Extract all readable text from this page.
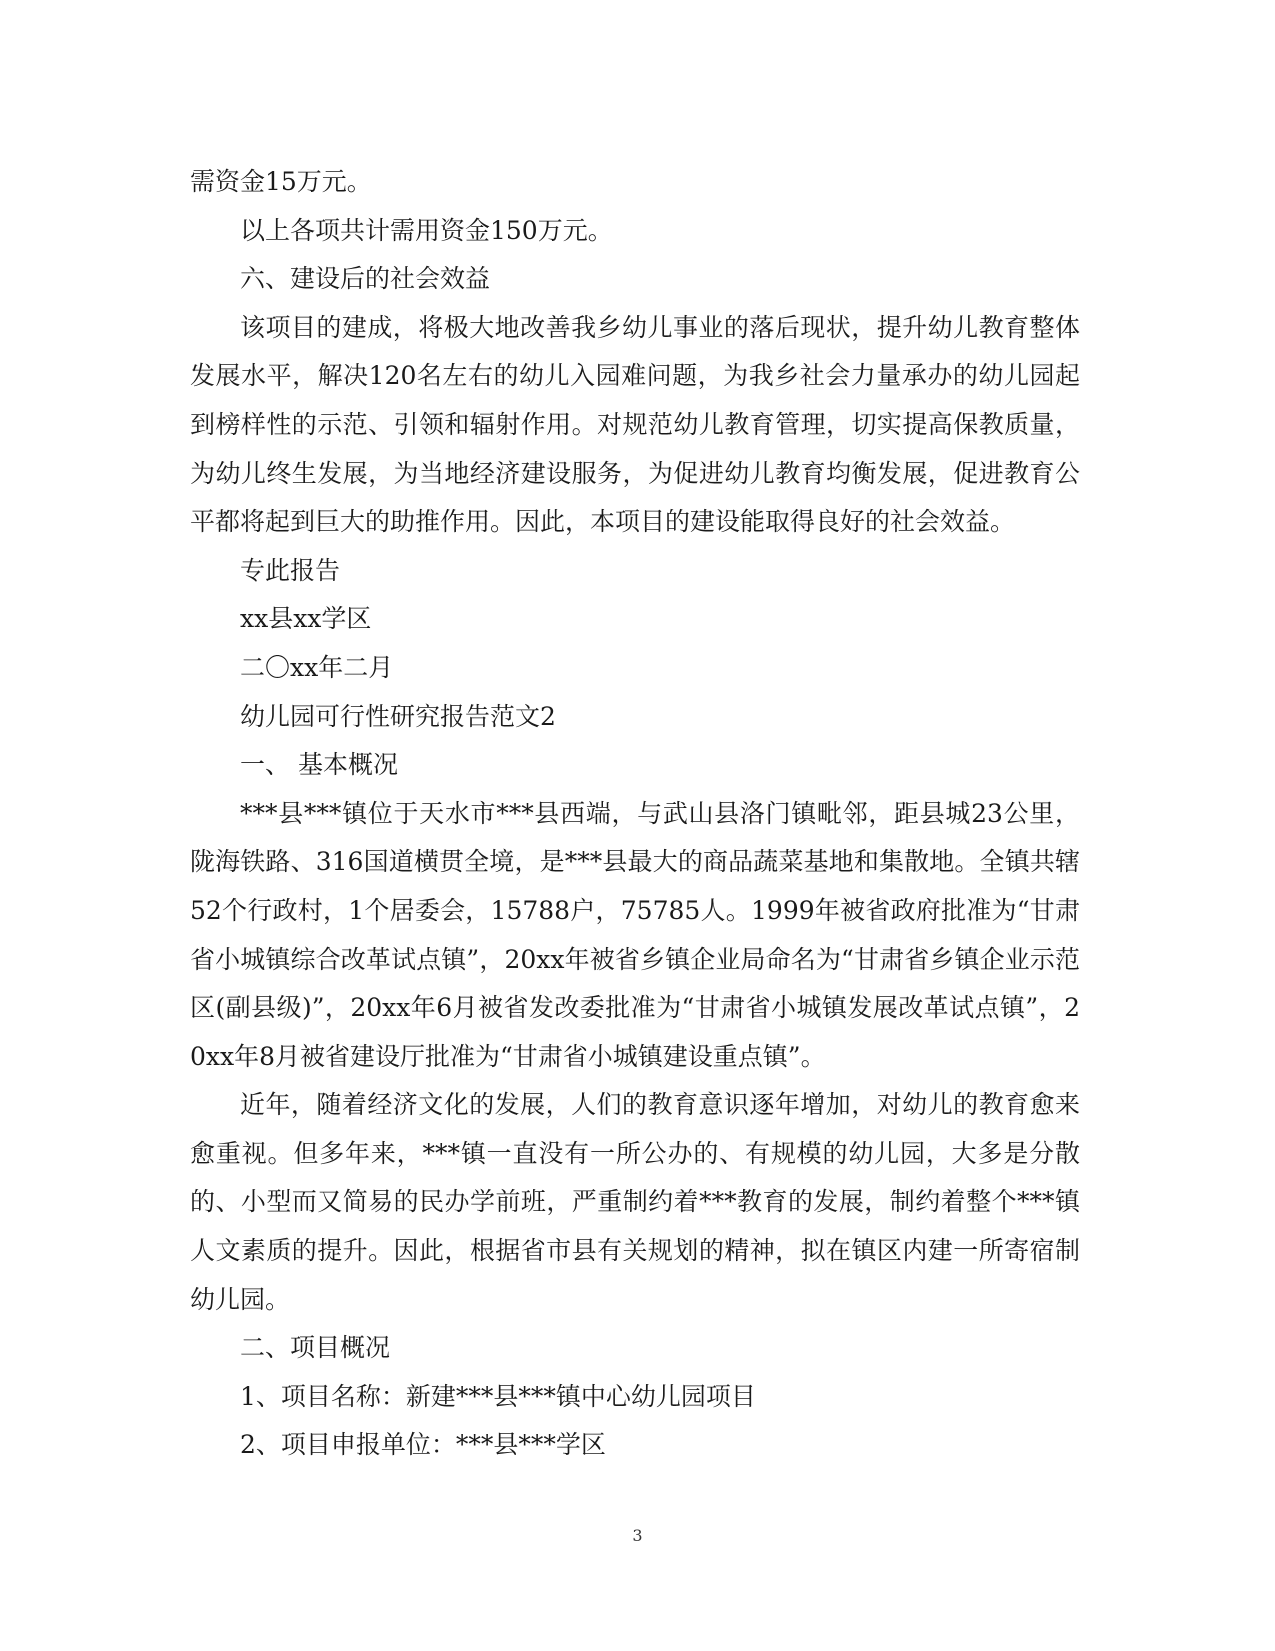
需资金15万元。

以上各项共计需用资金150万元。

六、建设后的社会效益

该项目的建成，将极大地改善我乡幼儿事业的落后现状，提升幼儿教育整体发展水平，解决120名左右的幼儿入园难问题，为我乡社会力量承办的幼儿园起到榜样性的示范、引领和辐射作用。对规范幼儿教育管理，切实提高保教质量，为幼儿终生发展，为当地经济建设服务，为促进幼儿教育均衡发展，促进教育公平都将起到巨大的助推作用。因此，本项目的建设能取得良好的社会效益。

专此报告

xx县xx学区

二〇xx年二月

幼儿园可行性研究报告范文2

一、 基本概况

***县***镇位于天水市***县西端，与武山县洛门镇毗邻，距县城23公里，陇海铁路、316国道横贯全境，是***县最大的商品蔬菜基地和集散地。全镇共辖52个行政村，1个居委会，15788户，75785人。1999年被省政府批准为“甘肃省小城镇综合改革试点镇”，20xx年被省乡镇企业局命名为“甘肃省乡镇企业示范区(副县级)”，20xx年6月被省发改委批准为“甘肃省小城镇发展改革试点镇”，20xx年8月被省建设厅批准为“甘肃省小城镇建设重点镇”。

近年，随着经济文化的发展，人们的教育意识逐年增加，对幼儿的教育愈来愈重视。但多年来，***镇一直没有一所公办的、有规模的幼儿园，大多是分散的、小型而又简易的民办学前班，严重制约着***教育的发展，制约着整个***镇人文素质的提升。因此，根据省市县有关规划的精神，拟在镇区内建一所寄宿制幼儿园。

二、项目概况

1、项目名称：新建***县***镇中心幼儿园项目

2、项目申报单位：***县***学区

3
